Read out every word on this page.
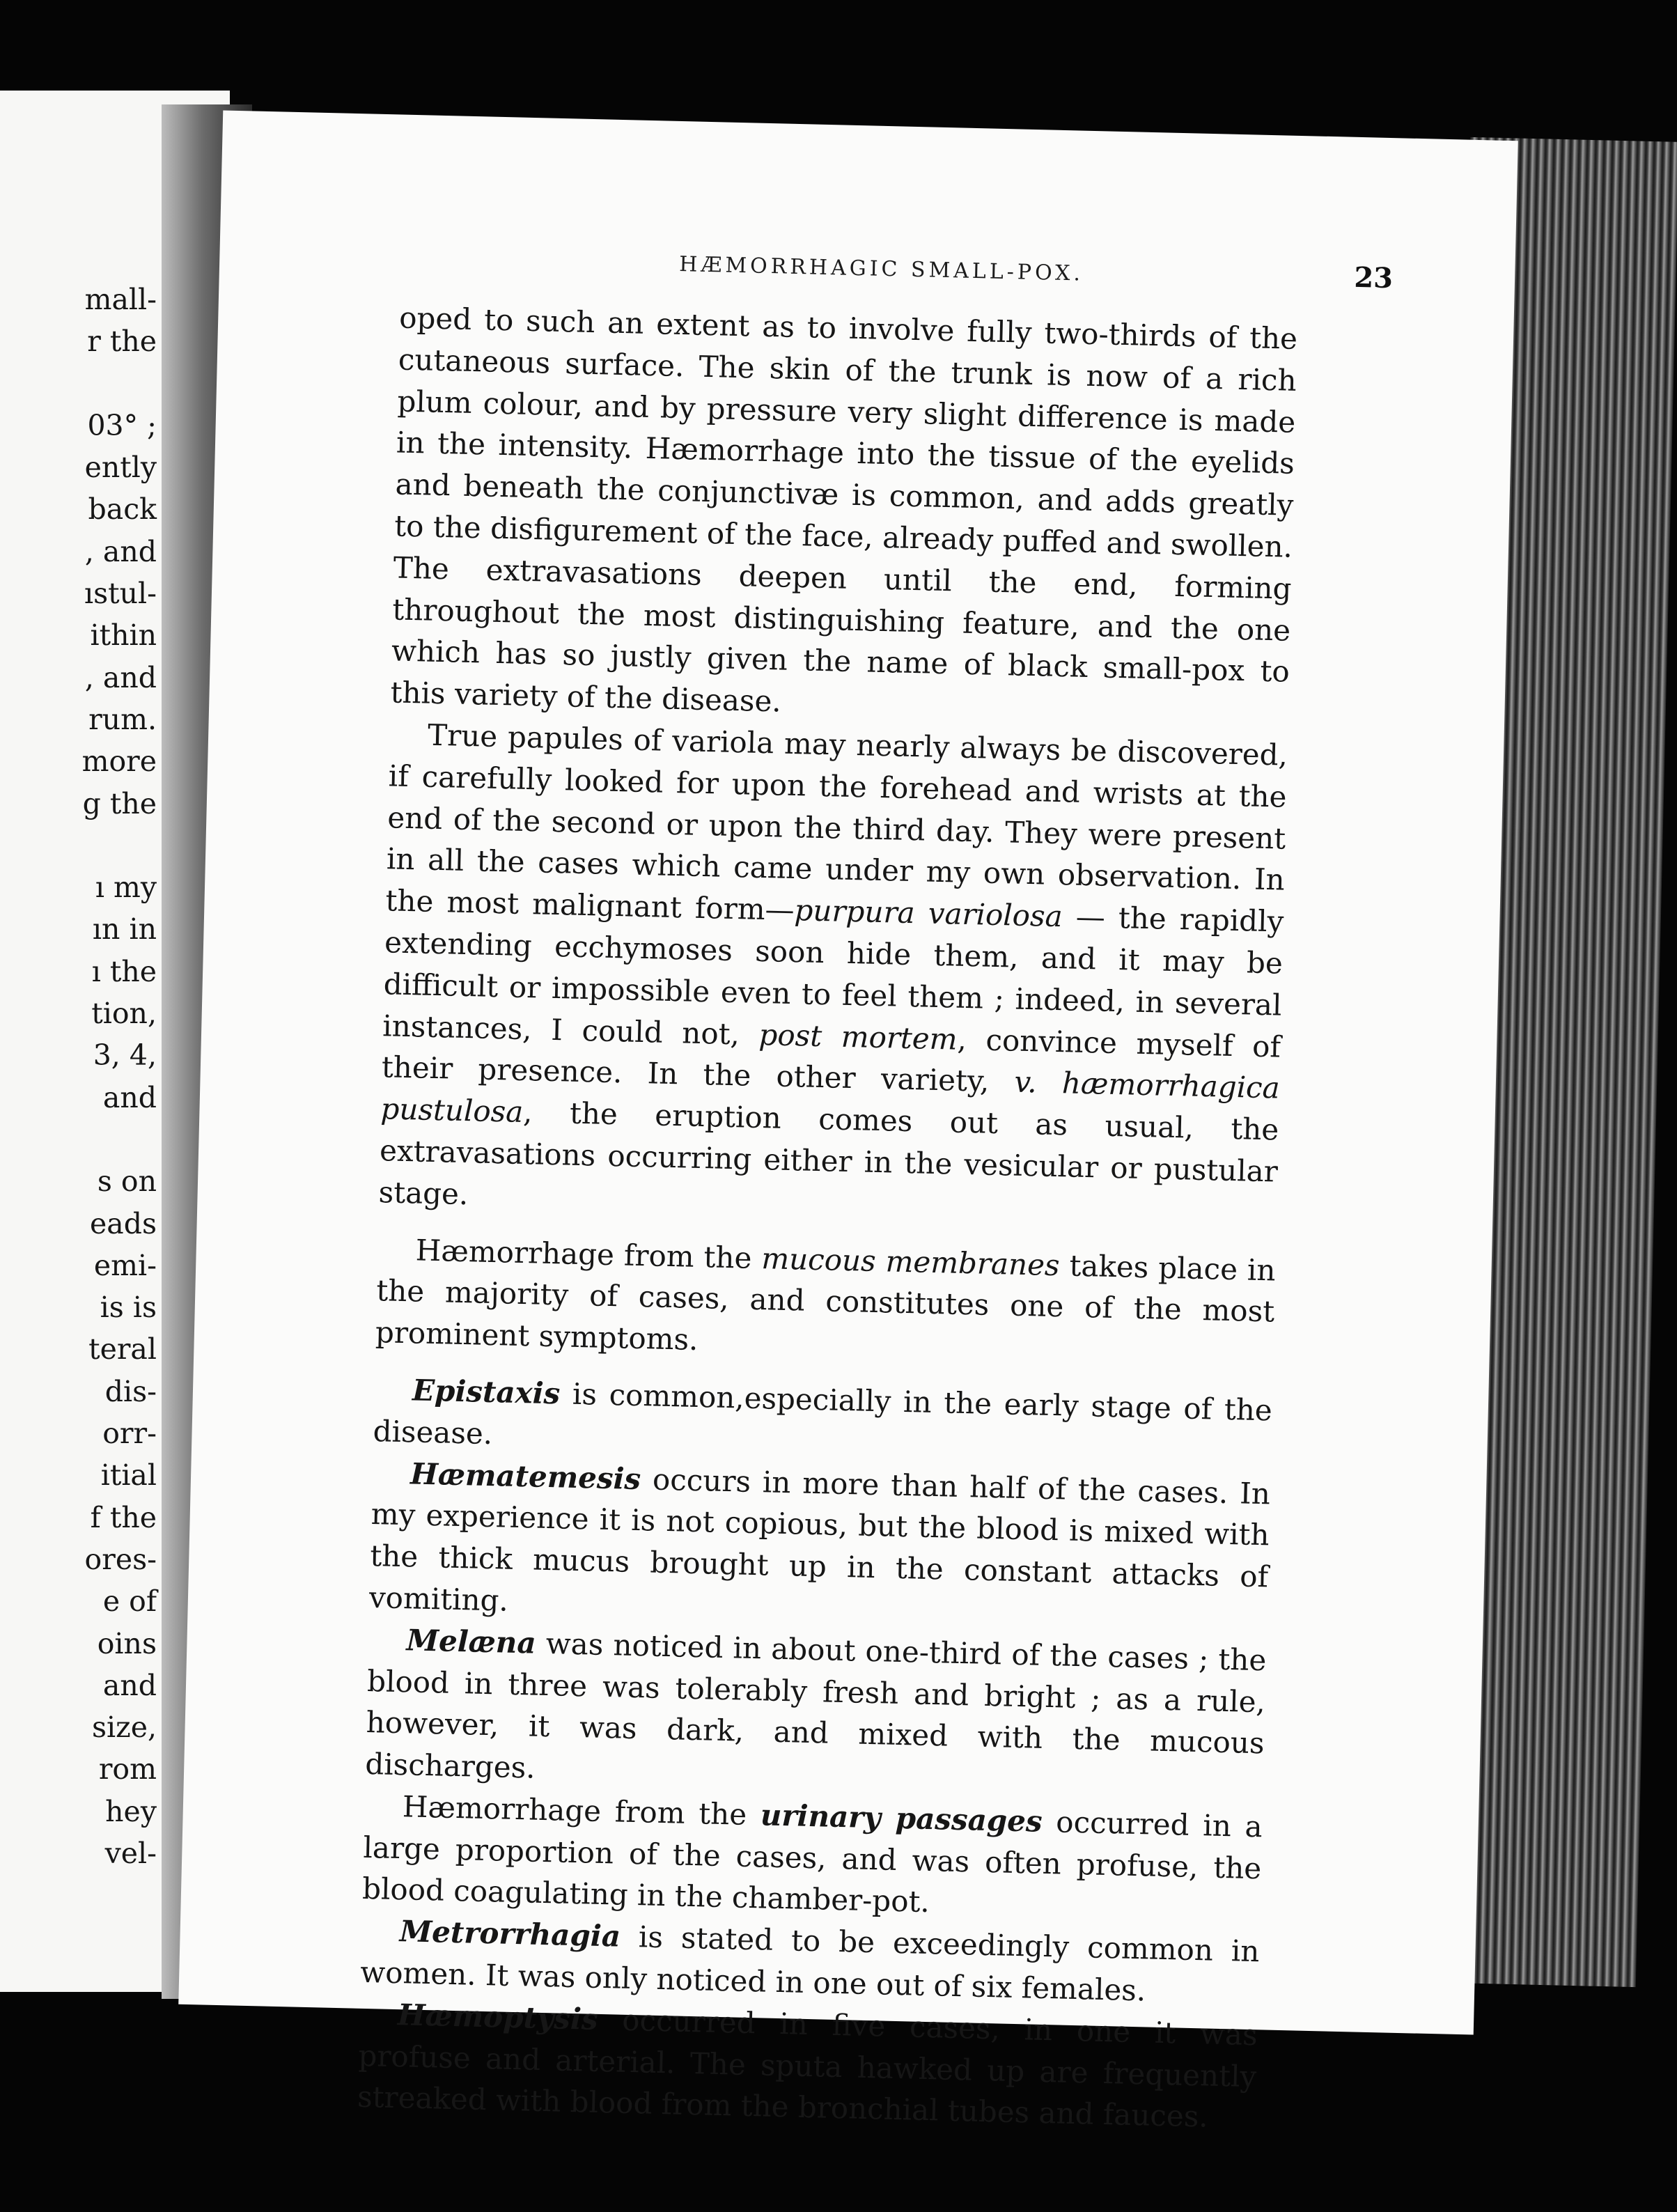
mall-
r the
03° ;
ently
back
, and
ıstul-
ithin
, and
rum.
more
g the
ı my
ın in
ı the
tion,
3, 4,
and
s on
eads
emi-
is is
teral
dis-
orr-
itial
f the
ores-
e of
oins
and
size,
rom
hey
vel-
HÆMORRHAGIC SMALL-POX.	23

oped to such an extent as to involve fully two-thirds of the cutaneous surface. The skin of the trunk is now of a rich plum colour, and by pressure very slight difference is made in the intensity. Hæmorrhage into the tissue of the eyelids and beneath the conjunctivæ is common, and adds greatly to the disfigurement of the face, already puffed and swollen. The extravasations deepen until the end, forming throughout the most distinguishing feature, and the one which has so justly given the name of black small-pox to this variety of the disease.

True papules of variola may nearly always be discovered, if carefully looked for upon the forehead and wrists at the end of the second or upon the third day. They were present in all the cases which came under my own observation. In the most malignant form—purpura variolosa — the rapidly extending ecchymoses soon hide them, and it may be difficult or impossible even to feel them ; indeed, in several instances, I could not, post mortem, convince myself of their presence. In the other variety, v. hæmorrhagica pustulosa, the eruption comes out as usual, the extravasations occurring either in the vesicular or pustular stage.

Hæmorrhage from the mucous membranes takes place in the majority of cases, and constitutes one of the most prominent symptoms.

Epistaxis is common,especially in the early stage of the disease.

Hæmatemesis occurs in more than half of the cases. In my experience it is not copious, but the blood is mixed with the thick mucus brought up in the constant attacks of vomiting.

Melæna was noticed in about one-third of the cases ; the blood in three was tolerably fresh and bright ; as a rule, however, it was dark, and mixed with the mucous discharges.

Hæmorrhage from the urinary passages occurred in a large proportion of the cases, and was often profuse, the blood coagulating in the chamber-pot.

Metrorrhagia is stated to be exceedingly common in women. It was only noticed in one out of six females.

Hæmoptysis occurred in five cases, in one it was profuse and arterial. The sputa hawked up are frequently streaked with blood from the bronchial tubes and fauces.
